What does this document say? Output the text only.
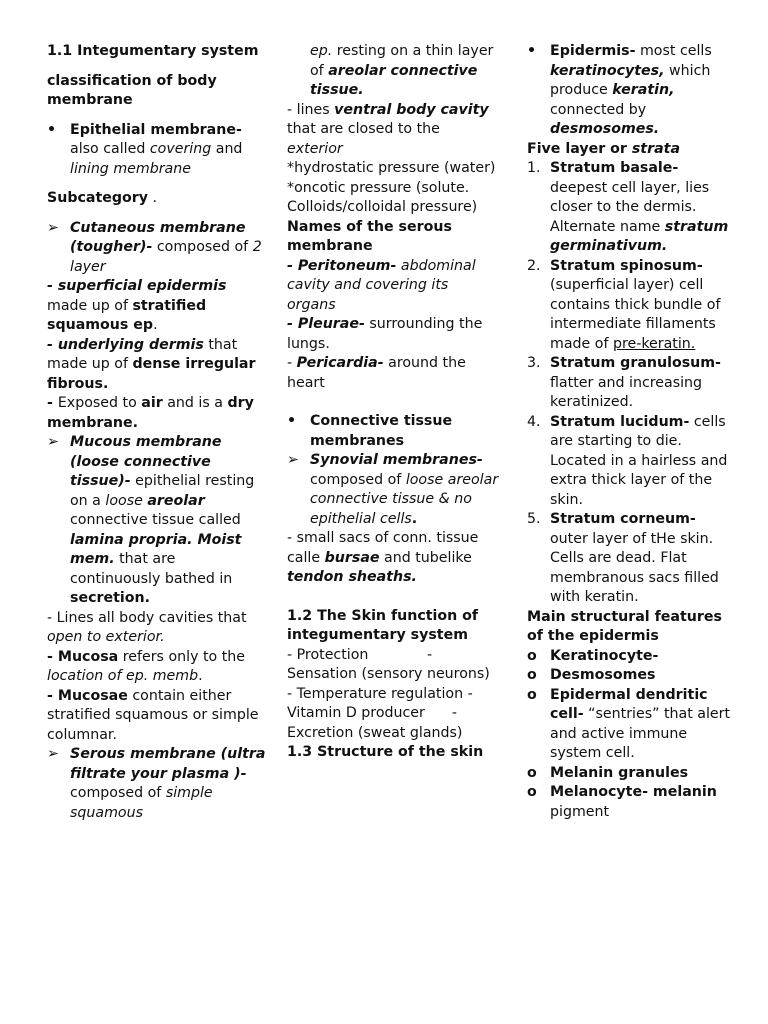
1.1 Integumentary system

classification of body membrane

• Epithelial membrane- also called covering and lining membrane

Subcategory .

➢ Cutaneous membrane (tougher)- composed of 2 layer

- superficial epidermis made up of stratified squamous ep.

- underlying dermis that made up of dense irregular fibrous.

- Exposed to air and is a dry membrane.

➢ Mucous membrane (loose connective tissue)- epithelial resting on a loose areolar connective tissue called lamina propria. Moist mem. that are continuously bathed in secretion.

- Lines all body cavities that open to exterior.

- Mucosa refers only to the location of ep. memb.

- Mucosae contain either stratified squamous or simple columnar.

➢ Serous membrane (ultra filtrate your plasma )- composed of simple squamous
ep. resting on a thin layer of areolar connective tissue.

- lines ventral body cavity that are closed to the exterior

*hydrostatic pressure (water)

*oncotic pressure (solute. Colloids/colloidal pressure)

Names of the serous membrane

- Peritoneum- abdominal cavity and covering its organs

- Pleurae- surrounding the lungs.

- Pericardia- around the heart

• Connective tissue membranes
➢ Synovial membranes- composed of loose areolar connective tissue & no epithelial cells.

- small sacs of conn. tissue calle bursae and tubelike tendon sheaths.

1.2 The Skin function of integumentary system

- Protection             - Sensation (sensory neurons)      - Temperature regulation - Vitamin D producer      - Excretion (sweat glands)

1.3 Structure of the skin

• Epidermis- most cells keratinocytes, which produce keratin, connected by desmosomes.

Five layer or strata

1. Stratum basale- deepest cell layer, lies closer to the dermis. Alternate name stratum germinativum.
2. Stratum spinosum- (superficial layer) cell contains thick bundle of intermediate fillaments made of pre-keratin.
3. Stratum granulosum- flatter and increasing keratinized.
4. Stratum lucidum- cells are starting to die. Located in a hairless and extra thick layer of the skin.
5. Stratum corneum- outer layer of tHe skin. Cells are dead. Flat membranous sacs filled with keratin.

Main structural features of the epidermis

o Keratinocyte-
o Desmosomes
o Epidermal dendritic cell- “sentries” that alert and active immune system cell.
o Melanin granules
o Melanocyte- melanin pigment
